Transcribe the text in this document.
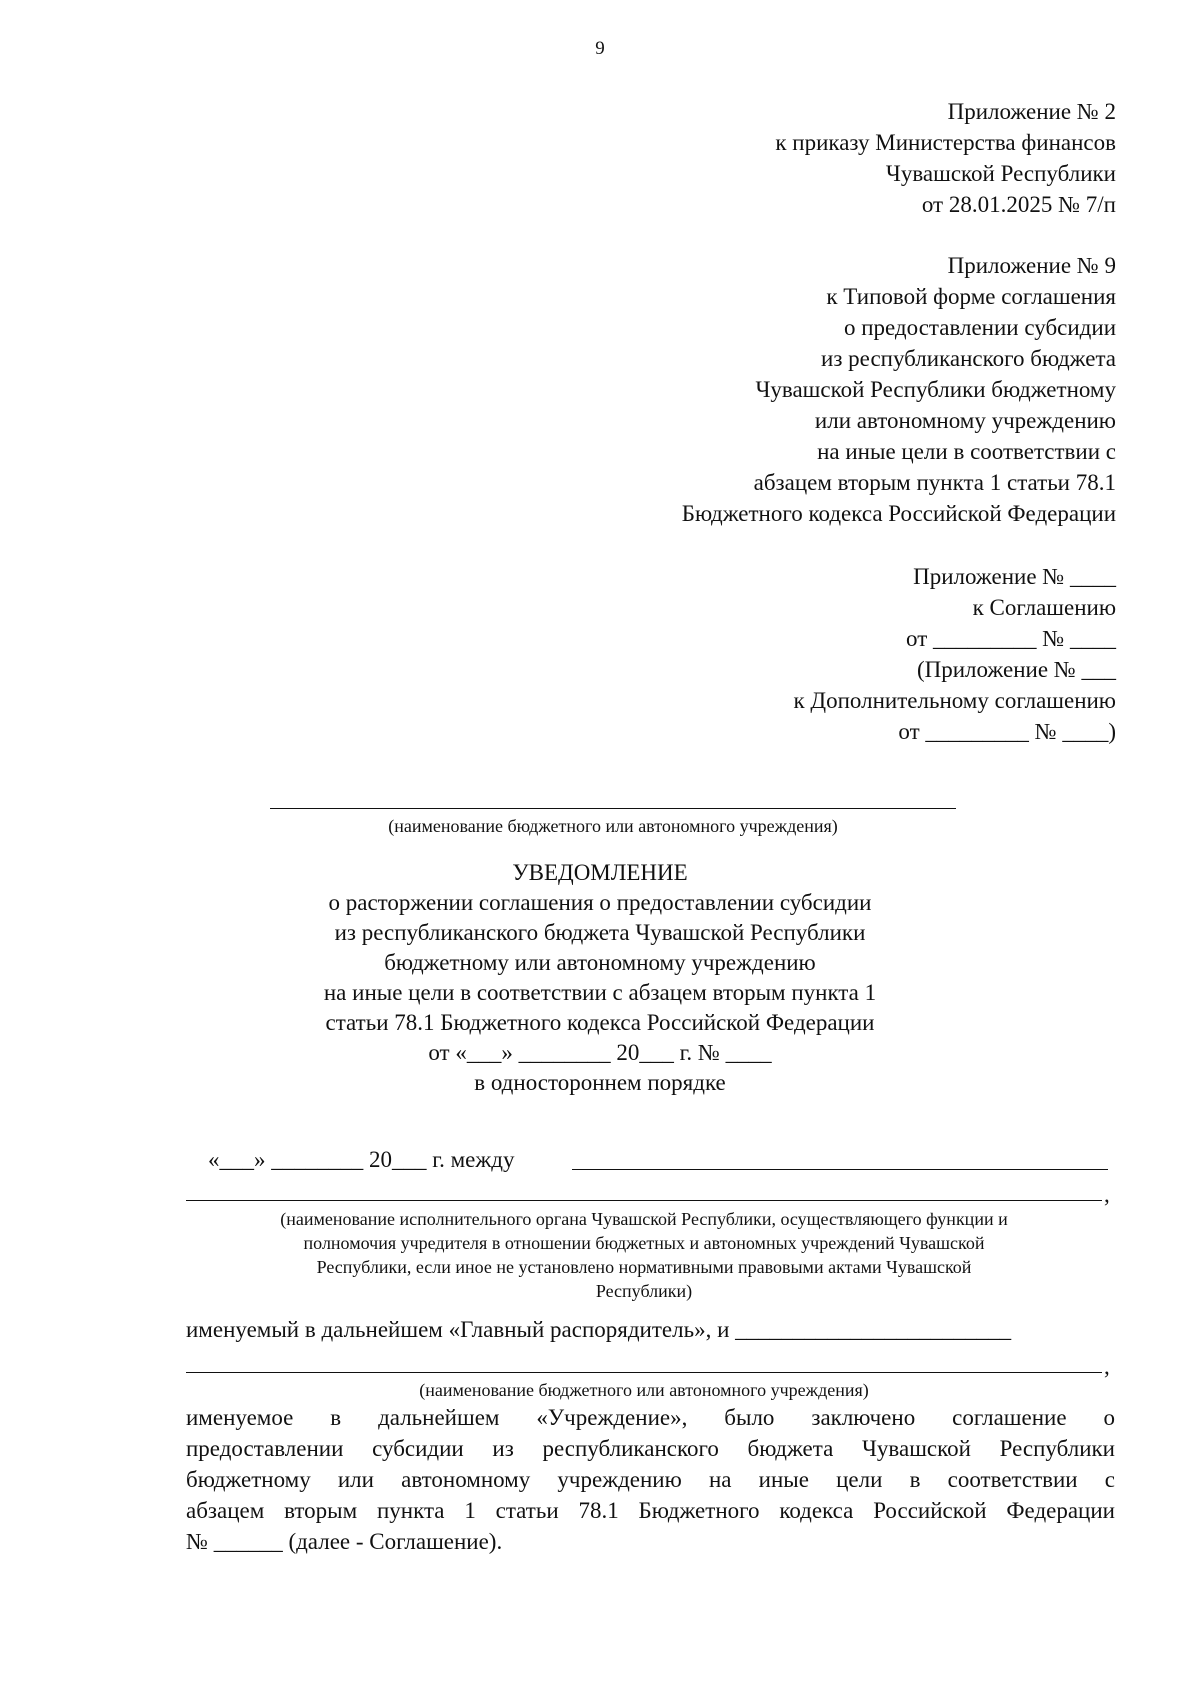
9
Приложение № 2
к приказу Министерства финансов
Чувашской Республики
от 28.01.2025 № 7/п
Приложение № 9
к Типовой форме соглашения
о предоставлении субсидии
из республиканского бюджета
Чувашской Республики бюджетному
или автономному учреждению
на иные цели в соответствии с
абзацем вторым пункта 1 статьи 78.1
Бюджетного кодекса Российской Федерации
Приложение № ____
к Соглашению
от _________ № ____
(Приложение № ___
к Дополнительному соглашению
от _________ № ____)
(наименование бюджетного или автономного учреждения)
УВЕДОМЛЕНИЕ
о расторжении соглашения о предоставлении субсидии
из республиканского бюджета Чувашской Республики
бюджетному или автономному учреждению
на иные цели в соответствии с абзацем вторым пункта 1
статьи 78.1 Бюджетного кодекса Российской Федерации
от «___» ________ 20___ г. № ____
в одностороннем порядке
«___» ________ 20___ г. между
,
(наименование исполнительного органа Чувашской Республики, осуществляющего функции и
полномочия учредителя в отношении бюджетных и автономных учреждений Чувашской
Республики, если иное не установлено нормативными правовыми актами Чувашской
Республики)
именуемый в дальнейшем «Главный распорядитель», и ________________________
,
(наименование бюджетного или автономного учреждения)
именуемое в дальнейшем «Учреждение», было заключено соглашение о
предоставлении субсидии из республиканского бюджета Чувашской Республики
бюджетному или автономному учреждению на иные цели в соответствии с
абзацем вторым пункта 1 статьи 78.1 Бюджетного кодекса Российской Федерации
№ ______ (далее - Соглашение).
